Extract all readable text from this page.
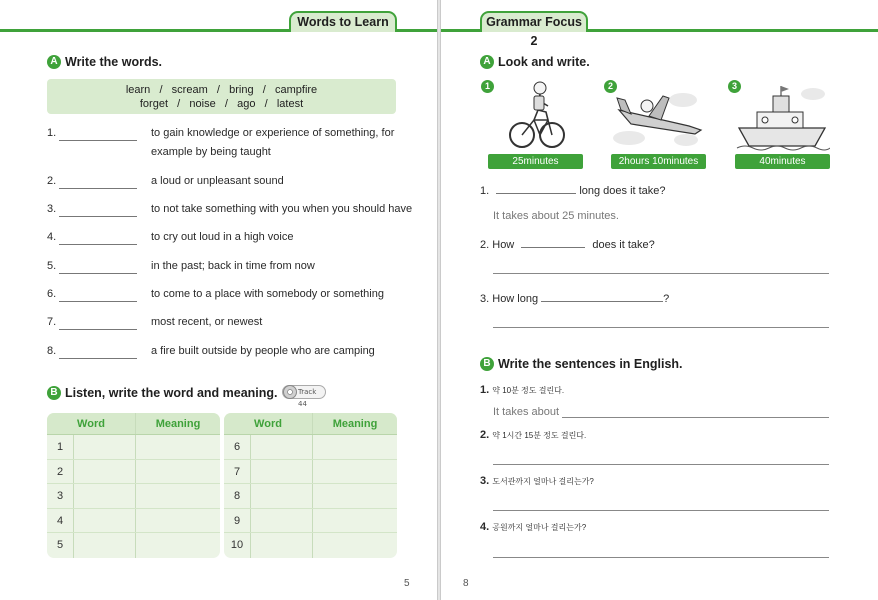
Words to Learn
A Write the words.
learn   /   scream   /   bring   /   campfire
forget   /   noise   /   ago   /   latest
1.	to gain knowledge or experience of something, for example by being taught
2.	a loud or unpleasant sound
3.	to not take something with you when you should have
4.	to cry out loud in a high voice
5.	in the past; back in time from now
6.	to come to a place with somebody or something
7.	most recent, or newest
8.	a fire built outside by people who are camping
B Listen, write the word and meaning.	Track 44
Word	Meaning
1
2
3
4
5
Word	Meaning
6
7
8
9
10
5
Grammar Focus 2
A Look and write.
1
25minutes
2
2hours 10minutes
3
40minutes
1.	long does it take?
It takes about 25 minutes.
2. How	does it take?
3. How long	?
B Write the sentences in English.
1. 약 10분 정도 걸린다.
It takes about
2. 약 1시간 15분 정도 걸린다.
3. 도서관까지 얼마나 걸리는가?
4. 공원까지 얼마나 걸리는가?
8
